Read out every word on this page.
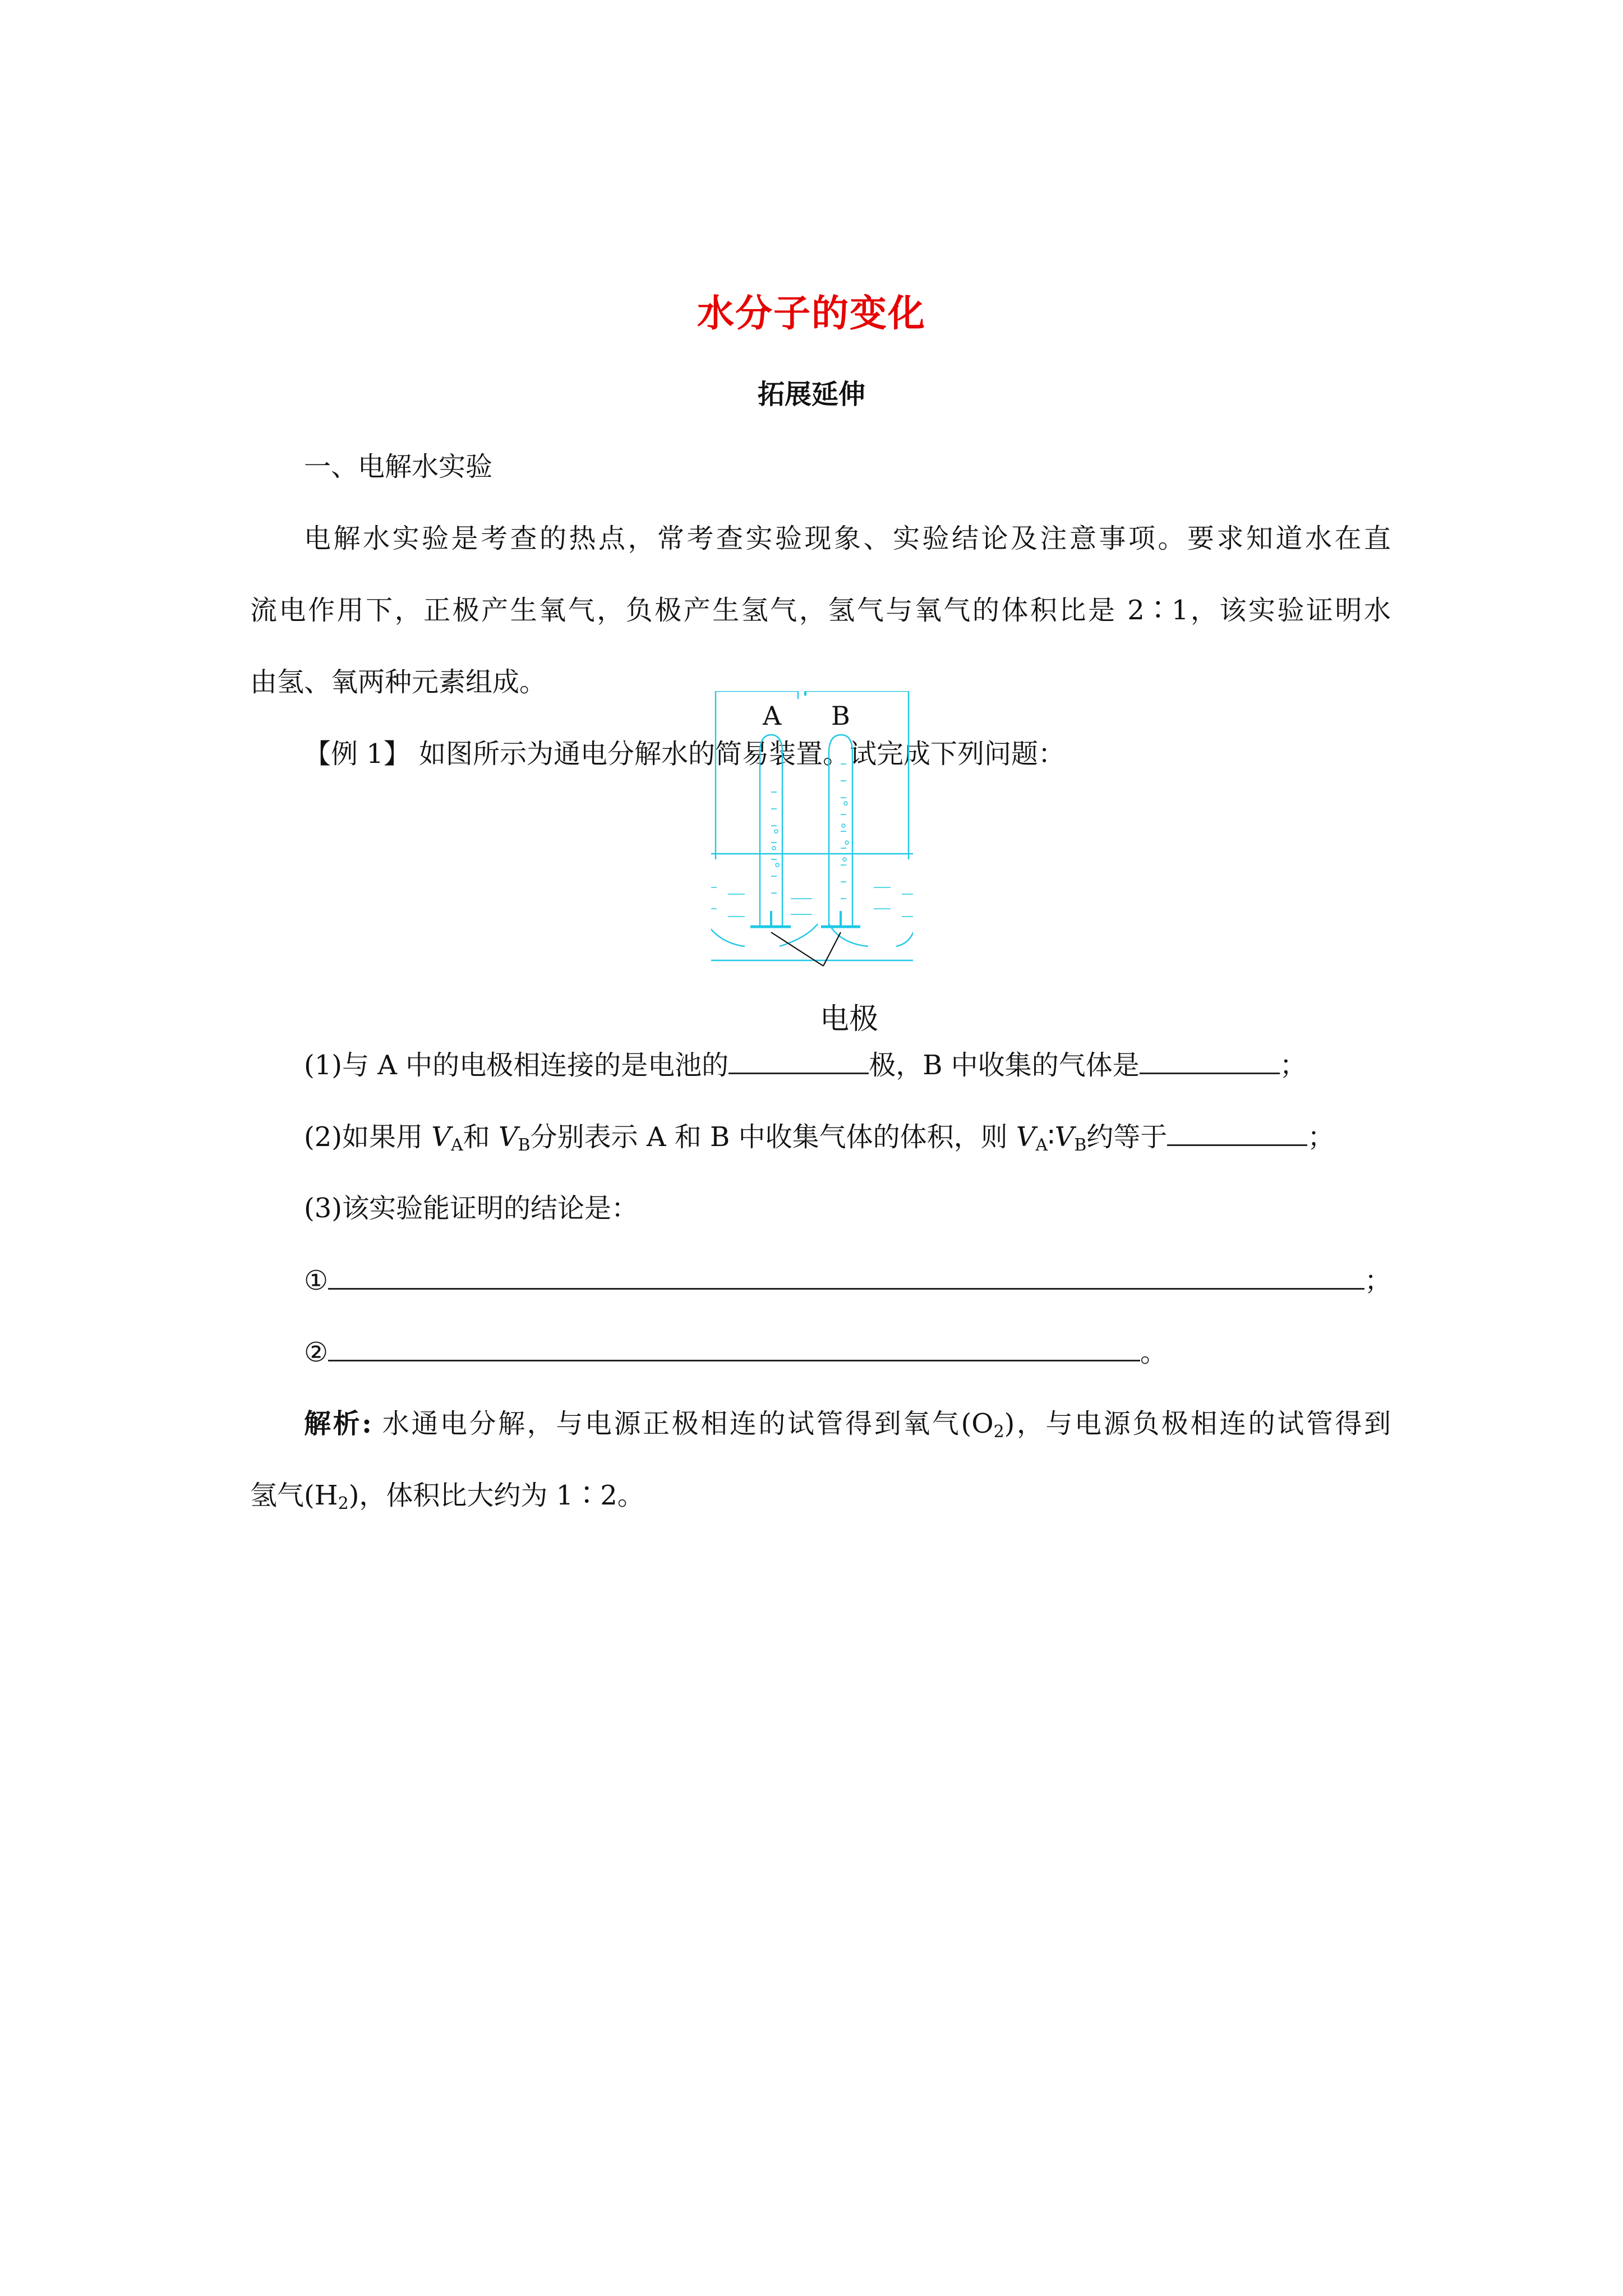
水分子的变化
拓展延伸
一、电解水实验
电解水实验是考查的热点，常考查实验现象、实验结论及注意事项。要求知道水在直
流电作用下，正极产生氧气，负极产生氢气，氢气与氧气的体积比是 2∶1，该实验证明水
由氢、氧两种元素组成。
【例 1】 如图所示为通电分解水的简易装置。试完成下列问题：
A B
电极
(1)与 A 中的电极相连接的是电池的	极，B 中收集的气体是	；
(2)如果用 $V_A$和 $V_B$分别表示 A 和 B 中收集气体的体积，则 $V_A∶V_B$约等于	；
(3)该实验能证明的结论是：
①	；
②	。
解析: 水通电分解，与电源正极相连的试管得到氧气$(O_2)$，与电源负极相连的试管得到
氢气$(H_2)$，体积比大约为 1∶2。
